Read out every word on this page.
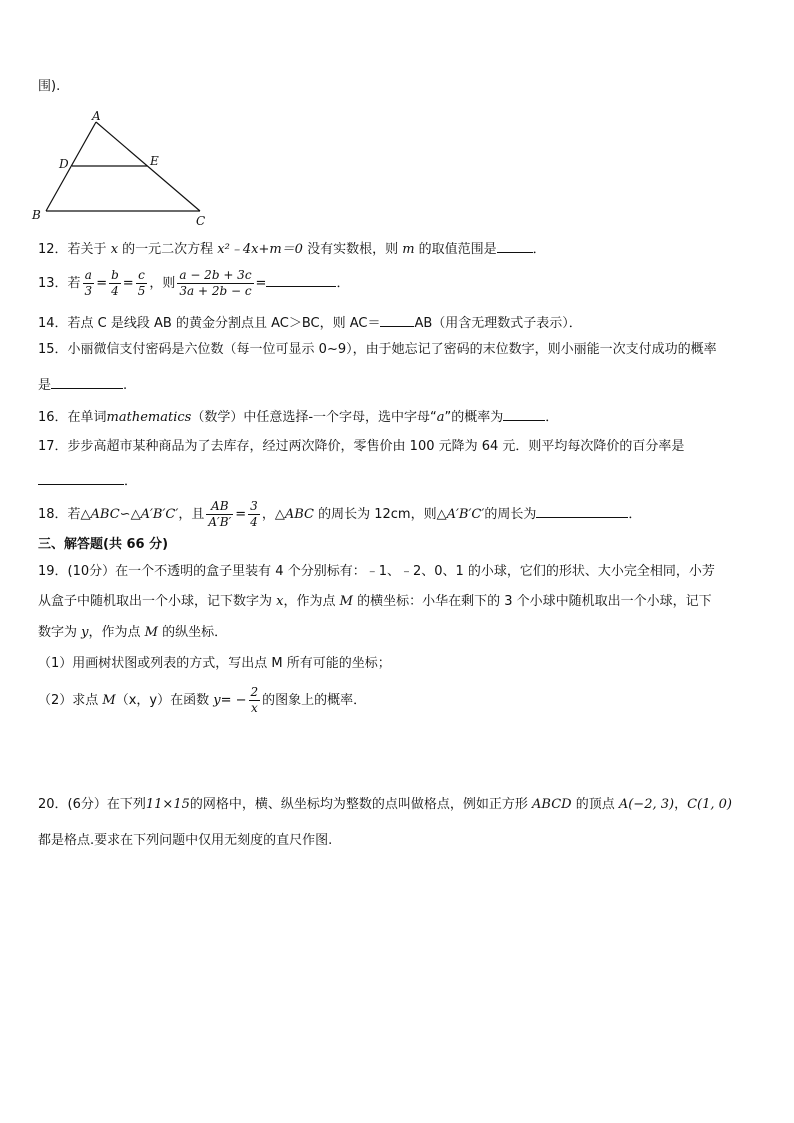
围).
A
B	C
D	E
12．若关于 x 的一元二次方程 x²﹣4x+m＝0 没有实数根，则 m 的取值范围是	．
13．若 $\frac{a}{3} = \frac{b}{4} = \frac{c}{5}$ ，则 $\frac{a - 2b + 3c}{3a + 2b - c}$ =	．
14．若点 C 是线段 AB 的黄金分割点且 AC＞BC，则 AC＝	AB（用含无理数式子表示）．
15．小丽微信支付密码是六位数（每一位可显示 0~9），由于她忘记了密码的末位数字，则小丽能一次支付成功的概率
是	.
16．在单词mathematics（数学）中任意选择-一个字母，选中字母“a”的概率为	．
17．步步高超市某种商品为了去库存，经过两次降价，零售价由 100 元降为 64 元．则平均每次降价的百分率是
．
18．若△ABC∽△A′B′C′，且 $\frac{AB}{A'B'} = \frac{3}{4}$ ，△ABC 的周长为 12cm，则△A′B′C′的周长为	．
三、解答题(共 66 分)
19．(10分）在一个不透明的盒子里装有 4 个分别标有：﹣1、﹣2、0、1 的小球，它们的形状、大小完全相同，小芳
从盒子中随机取出一个小球，记下数字为 x，作为点 M 的横坐标：小华在剩下的 3 个小球中随机取出一个小球，记下
数字为 y，作为点 M 的纵坐标．
（1）用画树状图或列表的方式，写出点 M 所有可能的坐标；
（2）求点 M（x，y）在函数 $y= - \frac{2}{x}$ 的图象上的概率．
20．(6分）在下列11×15的网格中，横、纵坐标均为整数的点叫做格点，例如正方形 ABCD 的顶点 A(−2, 3)，C(1, 0)
都是格点.要求在下列问题中仅用无刻度的直尺作图.
